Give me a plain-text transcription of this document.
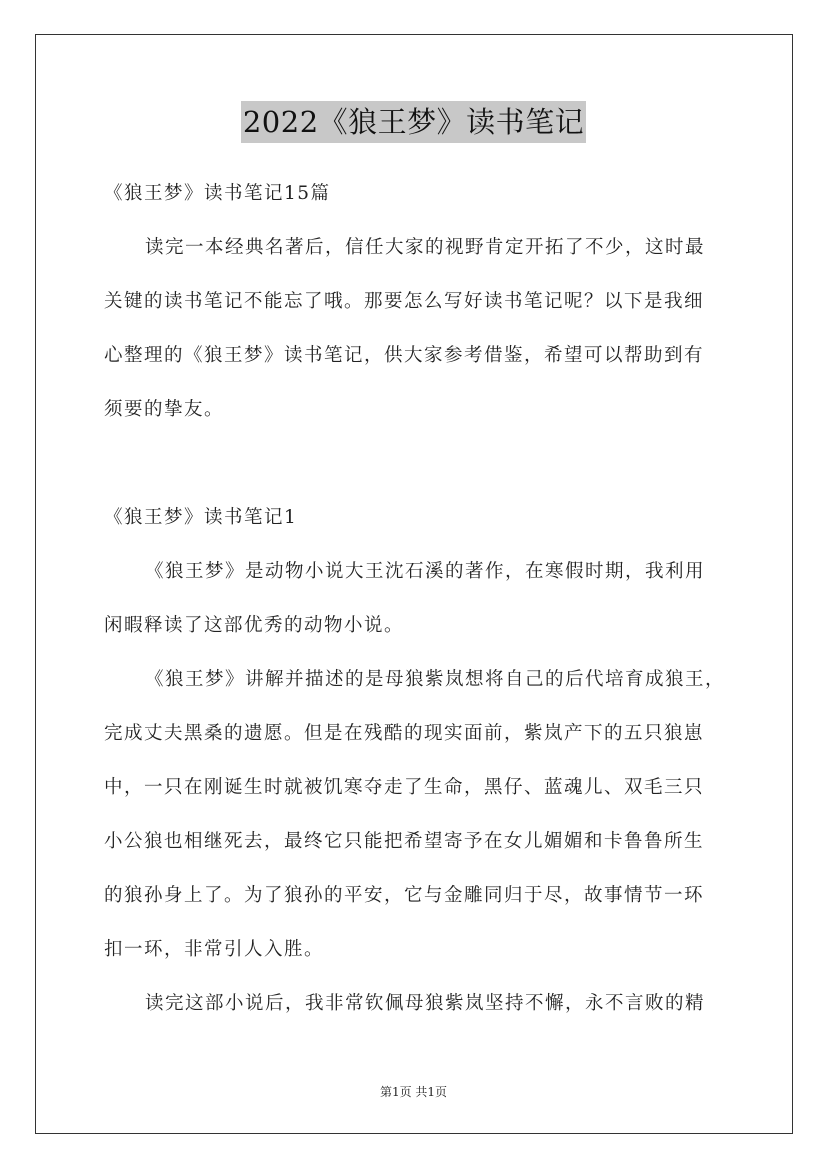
2022《狼王梦》读书笔记
《狼王梦》读书笔记15篇
读完一本经典名著后，信任大家的视野肯定开拓了不少，这时最
关键的读书笔记不能忘了哦。那要怎么写好读书笔记呢？以下是我细
心整理的《狼王梦》读书笔记，供大家参考借鉴，希望可以帮助到有
须要的挚友。
《狼王梦》读书笔记1
《狼王梦》是动物小说大王沈石溪的著作，在寒假时期，我利用
闲暇释读了这部优秀的动物小说。
《狼王梦》讲解并描述的是母狼紫岚想将自己的后代培育成狼王，
完成丈夫黑桑的遗愿。但是在残酷的现实面前，紫岚产下的五只狼崽
中，一只在刚诞生时就被饥寒夺走了生命，黑仔、蓝魂儿、双毛三只
小公狼也相继死去，最终它只能把希望寄予在女儿媚媚和卡鲁鲁所生
的狼孙身上了。为了狼孙的平安，它与金雕同归于尽，故事情节一环
扣一环，非常引人入胜。
读完这部小说后，我非常钦佩母狼紫岚坚持不懈，永不言败的精
第1页 共1页
